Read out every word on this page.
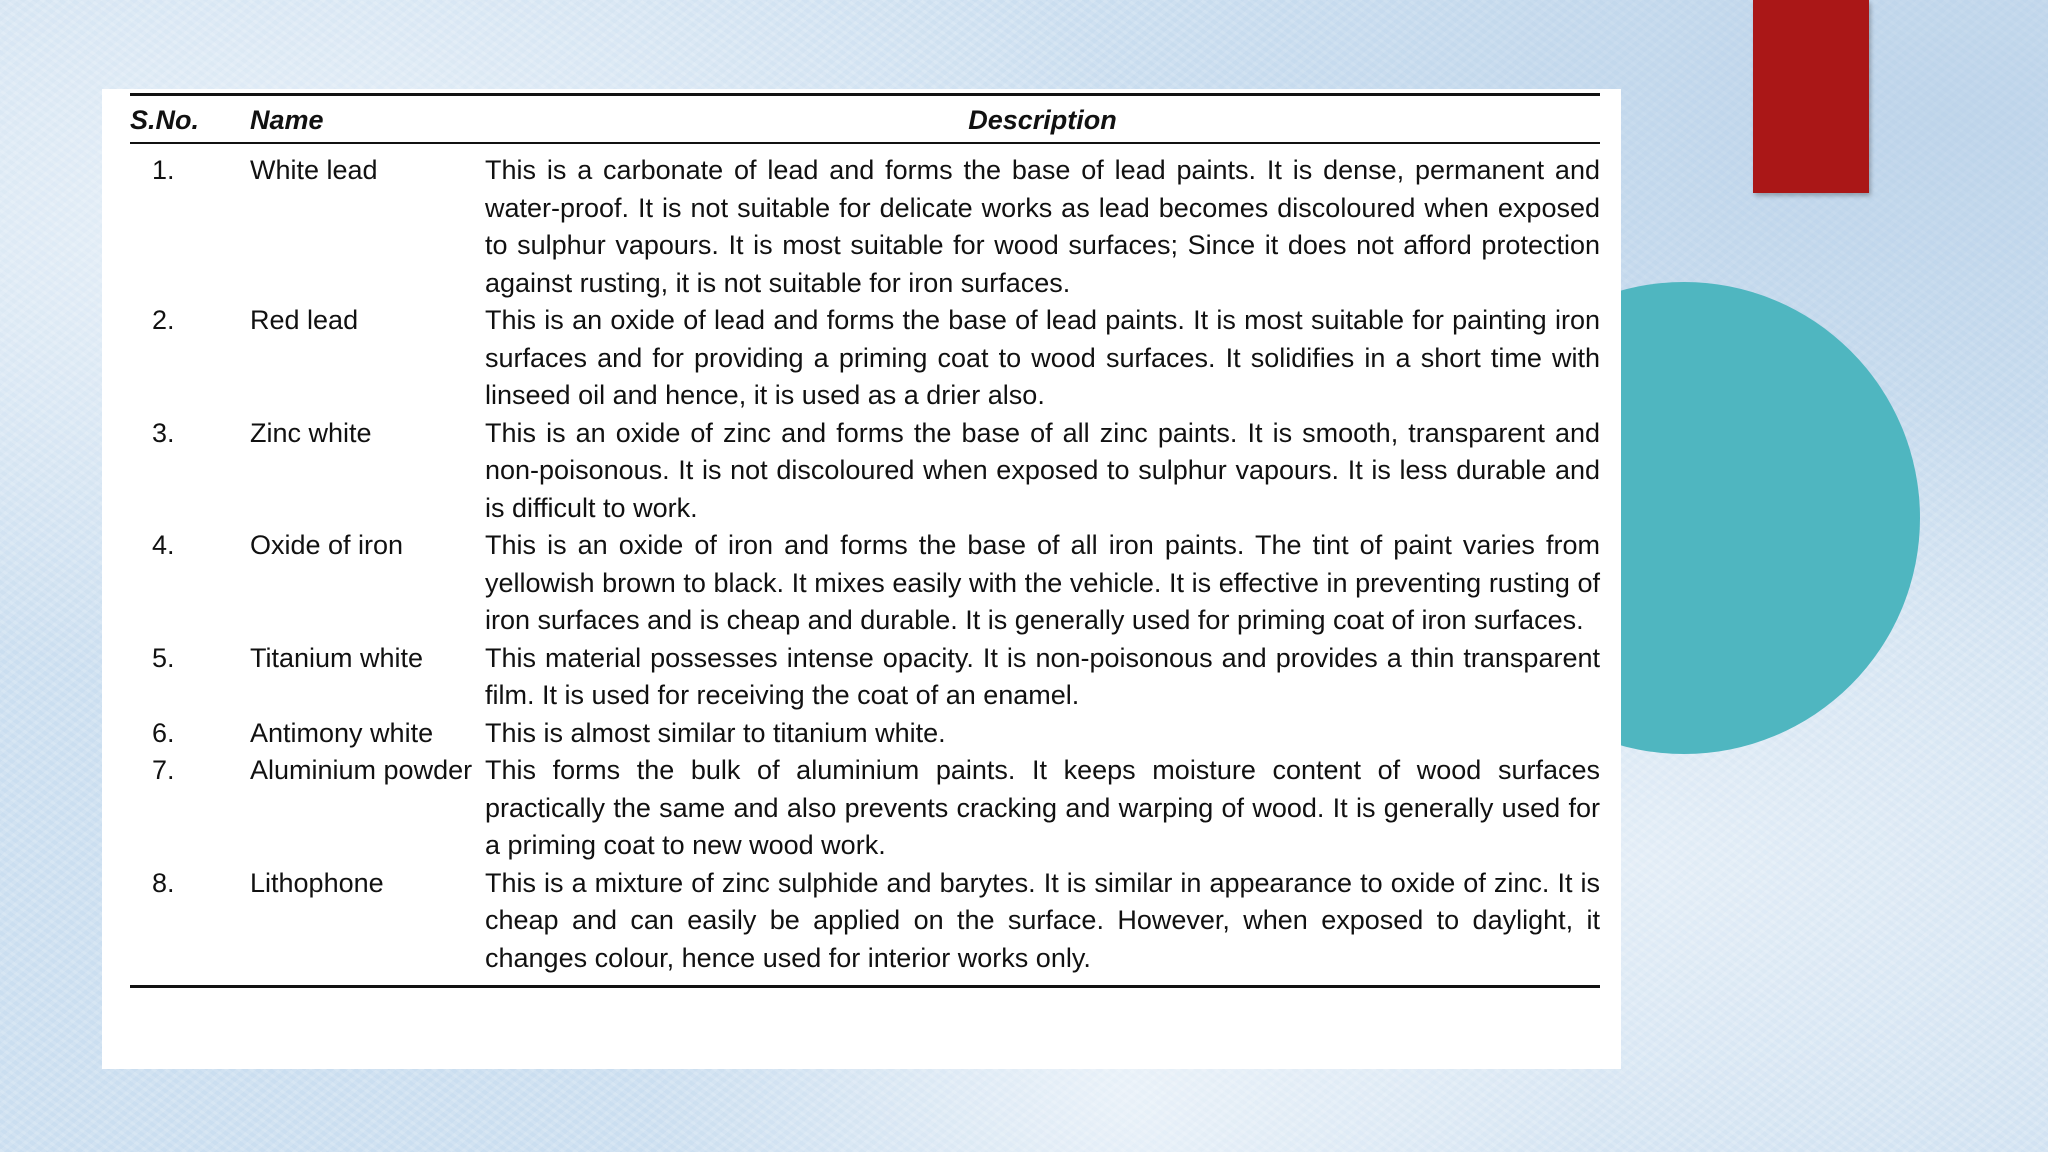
S.No.	Name	Description
1.	White lead	This is a carbonate of lead and forms the base of lead paints. It is dense, permanent and water-proof. It is not suitable for delicate works as lead becomes discoloured when exposed to sulphur vapours. It is most suitable for wood surfaces; Since it does not afford protection against rusting, it is not suitable for iron surfaces.
2.	Red lead	This is an oxide of lead and forms the base of lead paints. It is most suitable for painting iron surfaces and for providing a priming coat to wood surfaces. It solidifies in a short time with linseed oil and hence, it is used as a drier also.
3.	Zinc white	This is an oxide of zinc and forms the base of all zinc paints. It is smooth, transparent and non-poisonous. It is not discoloured when exposed to sulphur vapours. It is less durable and is difficult to work.
4.	Oxide of iron	This is an oxide of iron and forms the base of all iron paints. The tint of paint varies from yellowish brown to black. It mixes easily with the vehicle. It is effective in preventing rusting of iron surfaces and is cheap and durable. It is generally used for priming coat of iron surfaces.
5.	Titanium white	This material possesses intense opacity. It is non-poisonous and provides a thin transparent film. It is used for receiving the coat of an enamel.
6.	Antimony white	This is almost similar to titanium white.
7.	Aluminium powder	This forms the bulk of aluminium paints. It keeps moisture content of wood surfaces practically the same and also prevents cracking and warping of wood. It is generally used for a priming coat to new wood work.
8.	Lithophone	This is a mixture of zinc sulphide and barytes. It is similar in appearance to oxide of zinc. It is cheap and can easily be applied on the surface. However, when exposed to daylight, it changes colour, hence used for interior works only.
